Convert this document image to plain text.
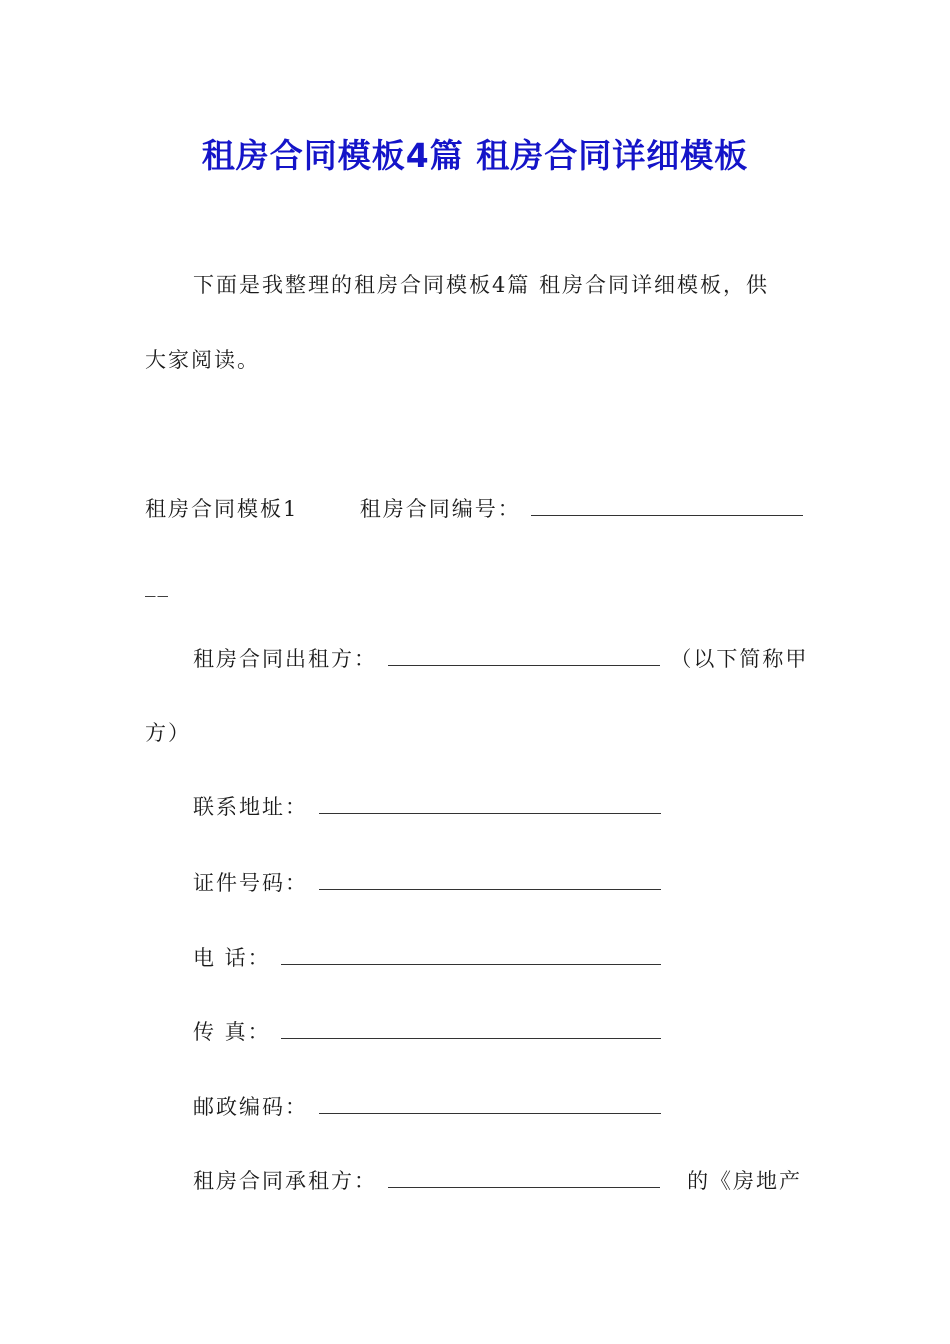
租房合同模板4篇 租房合同详细模板
下面是我整理的租房合同模板4篇 租房合同详细模板，供
大家阅读。
租房合同模板1	租房合同编号：
__
租房合同出租方：	（以下简称甲
方）
联系地址：
证件号码：
电 话：
传 真：
邮政编码：
租房合同承租方：	的《房地产
